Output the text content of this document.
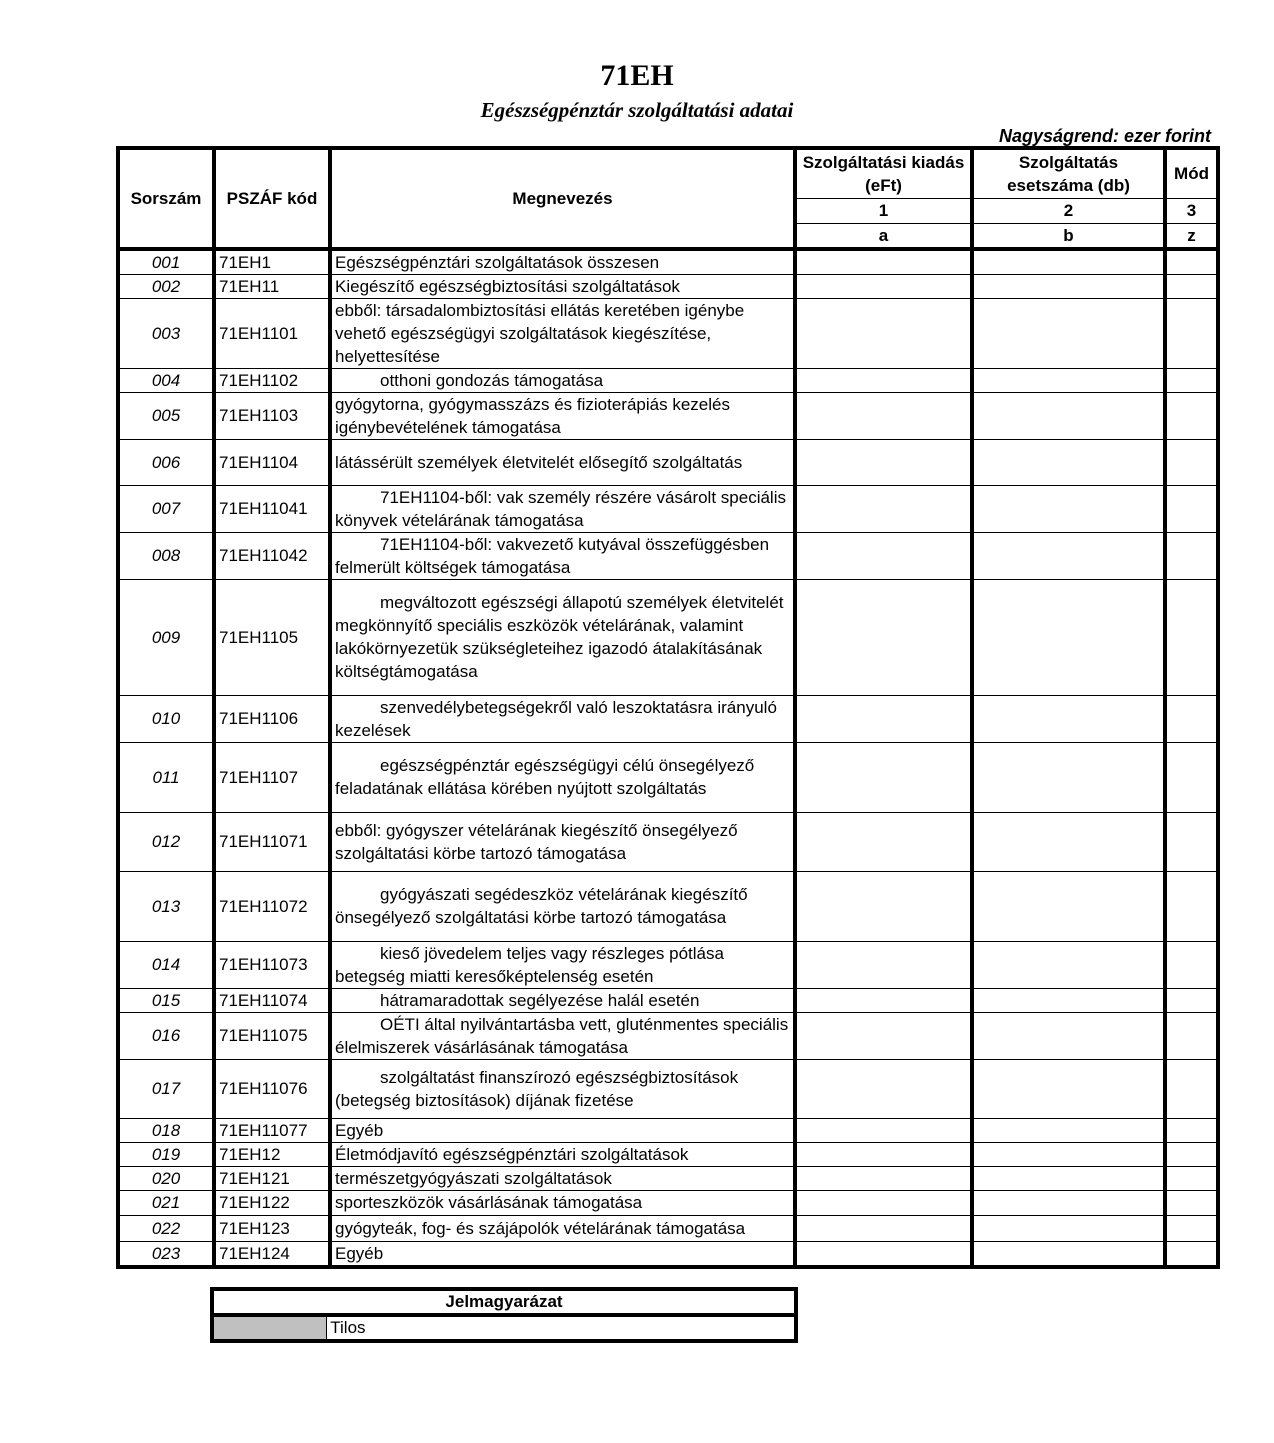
71EH
Egészségpénztár szolgáltatási adatai
Nagyságrend: ezer forint
Sorszám	PSZÁF kód	Megnevezés	Szolgáltatási kiadás (eFt)	Szolgáltatás esetszáma (db)	Mód
			1	2	3
			a	b	z
001	71EH1	Egészségpénztári szolgáltatások összesen			
002	71EH11	Kiegészítő egészségbiztosítási szolgáltatások			
003	71EH1101	ebből: társadalombiztosítási ellátás keretében igénybe vehető egészségügyi szolgáltatások kiegészítése, helyettesítése			
004	71EH1102	otthoni gondozás támogatása			
005	71EH1103	gyógytorna, gyógymasszázs és fizioterápiás kezelés igénybevételének támogatása			
006	71EH1104	látássérült személyek életvitelét elősegítő szolgáltatás			
007	71EH11041	71EH1104-ből: vak személy részére vásárolt speciális könyvek vételárának támogatása			
008	71EH11042	71EH1104-ből: vakvezető kutyával összefüggésben felmerült költségek támogatása			
009	71EH1105	megváltozott egészségi állapotú személyek életvitelét megkönnyítő speciális eszközök vételárának, valamint lakókörnyezetük szükségleteihez igazodó átalakításának költségtámogatása			
010	71EH1106	szenvedélybetegségekről való leszoktatásra irányuló kezelések			
011	71EH1107	egészségpénztár egészségügyi célú önsegélyező feladatának ellátása körében nyújtott szolgáltatás			
012	71EH11071	ebből: gyógyszer vételárának kiegészítő önsegélyező szolgáltatási körbe tartozó támogatása			
013	71EH11072	gyógyászati segédeszköz vételárának kiegészítő önsegélyező szolgáltatási körbe tartozó támogatása			
014	71EH11073	kieső jövedelem teljes vagy részleges pótlása betegség miatti keresőképtelenség esetén			
015	71EH11074	hátramaradottak segélyezése halál esetén			
016	71EH11075	OÉTI által nyilvántartásba vett, gluténmentes speciális élelmiszerek vásárlásának támogatása			
017	71EH11076	szolgáltatást finanszírozó egészségbiztosítások (betegség biztosítások) díjának fizetése			
018	71EH11077	Egyéb			
019	71EH12	Életmódjavító egészségpénztári szolgáltatások			
020	71EH121	természetgyógyászati szolgáltatások			
021	71EH122	sporteszközök vásárlásának támogatása			
022	71EH123	gyógyteák, fog- és szájápolók vételárának támogatása			
023	71EH124	Egyéb			
Jelmagyarázat
	Tilos
